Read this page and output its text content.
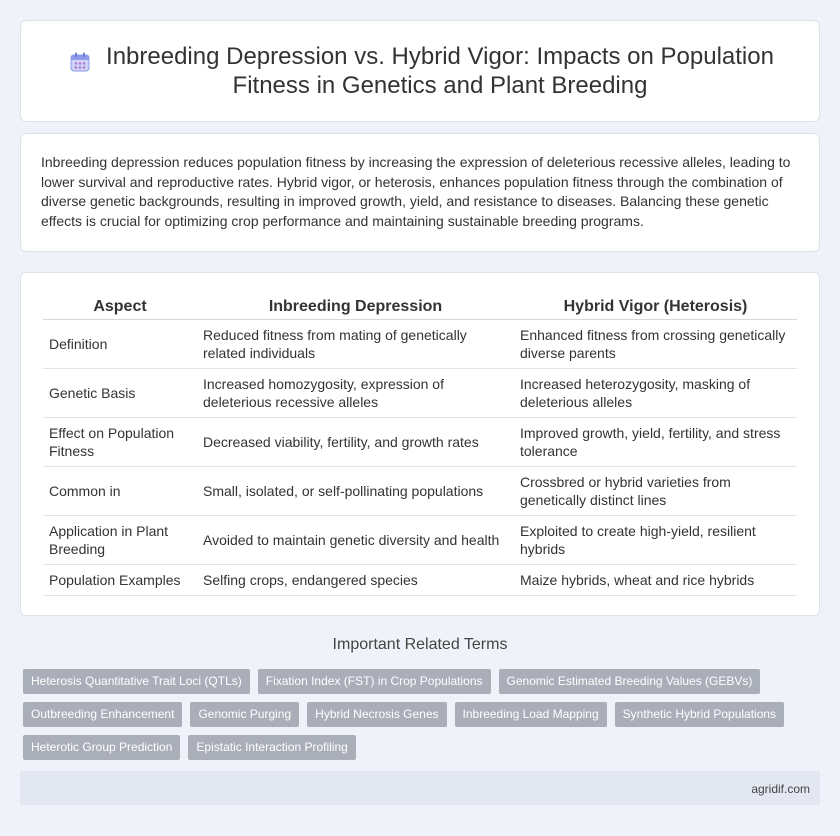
Inbreeding Depression vs. Hybrid Vigor: Impacts on Population Fitness in Genetics and Plant Breeding

Inbreeding depression reduces population fitness by increasing the expression of deleterious recessive alleles, leading to lower survival and reproductive rates. Hybrid vigor, or heterosis, enhances population fitness through the combination of diverse genetic backgrounds, resulting in improved growth, yield, and resistance to diseases. Balancing these genetic effects is crucial for optimizing crop performance and maintaining sustainable breeding programs.

Aspect	Inbreeding Depression	Hybrid Vigor (Heterosis)
Definition	Reduced fitness from mating of genetically related individuals	Enhanced fitness from crossing genetically diverse parents
Genetic Basis	Increased homozygosity, expression of deleterious recessive alleles	Increased heterozygosity, masking of deleterious alleles
Effect on Population Fitness	Decreased viability, fertility, and growth rates	Improved growth, yield, fertility, and stress tolerance
Common in	Small, isolated, or self-pollinating populations	Crossbred or hybrid varieties from genetically distinct lines
Application in Plant Breeding	Avoided to maintain genetic diversity and health	Exploited to create high-yield, resilient hybrids
Population Examples	Selfing crops, endangered species	Maize hybrids, wheat and rice hybrids
Important Related Terms
Heterosis Quantitative Trait Loci (QTLs)	Fixation Index (FST) in Crop Populations	Genomic Estimated Breeding Values (GEBVs)
Outbreeding Enhancement	Genomic Purging	Hybrid Necrosis Genes	Inbreeding Load Mapping	Synthetic Hybrid Populations
Heterotic Group Prediction	Epistatic Interaction Profiling
agridif.com
